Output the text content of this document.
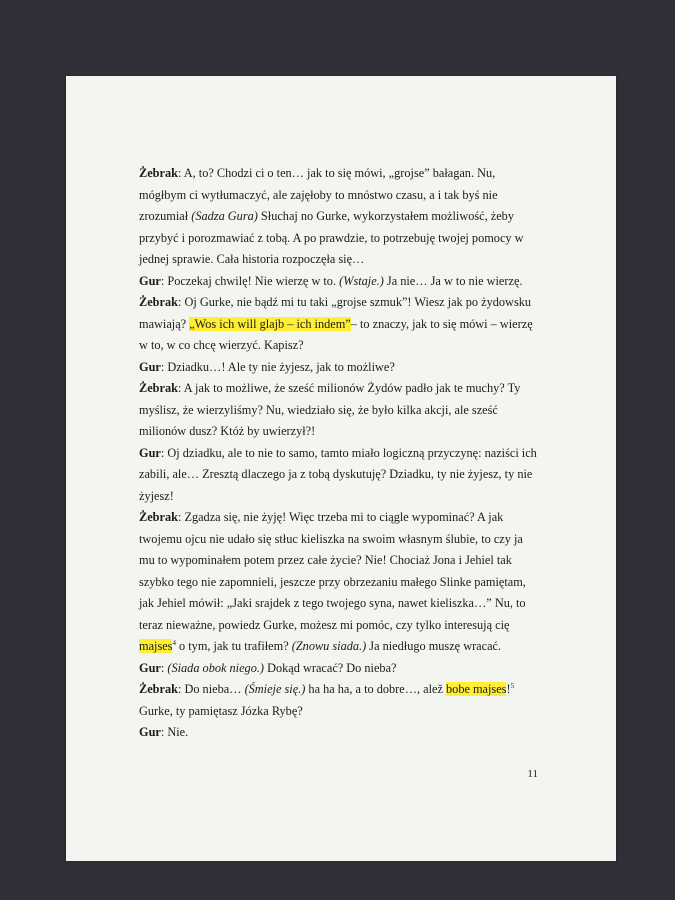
Żebrak: A, to? Chodzi ci o ten… jak to się mówi, „grojse” bałagan. Nu, mógłbym ci wytłumaczyć, ale zajęłoby to mnóstwo czasu, a i tak byś nie zrozumiał (Sadza Gura) Słuchaj no Gurke, wykorzystałem możliwość, żeby przybyć i porozmawiać z tobą. A po prawdzie, to potrzebuję twojej pomocy w jednej sprawie. Cała historia rozpoczęła się…

Gur: Poczekaj chwilę! Nie wierzę w to. (Wstaje.) Ja nie… Ja w to nie wierzę.

Żebrak: Oj Gurke, nie bądź mi tu taki „grojse szmuk”! Wiesz jak po żydowsku mawiają? „Wos ich will glajb – ich indem”– to znaczy, jak to się mówi – wierzę w to, w co chcę wierzyć. Kapisz?

Gur: Dziadku…! Ale ty nie żyjesz, jak to możliwe?

Żebrak: A jak to możliwe, że sześć milionów Żydów padło jak te muchy? Ty myślisz, że wierzyliśmy? Nu, wiedziało się, że było kilka akcji, ale sześć milionów dusz? Któż by uwierzył?!

Gur: Oj dziadku, ale to nie to samo, tamto miało logiczną przyczynę: naziści ich zabili, ale… Zresztą dlaczego ja z tobą dyskutuję? Dziadku, ty nie żyjesz, ty nie żyjesz!

Żebrak: Zgadza się, nie żyję! Więc trzeba mi to ciągle wypominać? A jak twojemu ojcu nie udało się stłuc kieliszka na swoim własnym ślubie, to czy ja mu to wypominałem potem przez całe życie? Nie! Chociaż Jona i Jehiel tak szybko tego nie zapomnieli, jeszcze przy obrzezaniu małego Slinke pamiętam, jak Jehiel mówił: „Jaki srajdek z tego twojego syna, nawet kieliszka…” Nu, to teraz nieważne, powiedz Gurke, możesz mi pomóc, czy tylko interesują cię majses$^4$ o tym, jak tu trafiłem? (Znowu siada.) Ja niedługo muszę wracać.

Gur: (Siada obok niego.) Dokąd wracać? Do nieba?

Żebrak: Do nieba… (Śmieje się.) ha ha ha, a to dobre…, alež bobe majses!$^5$ Gurke, ty pamiętasz Józka Rybę?

Gur: Nie.

11
